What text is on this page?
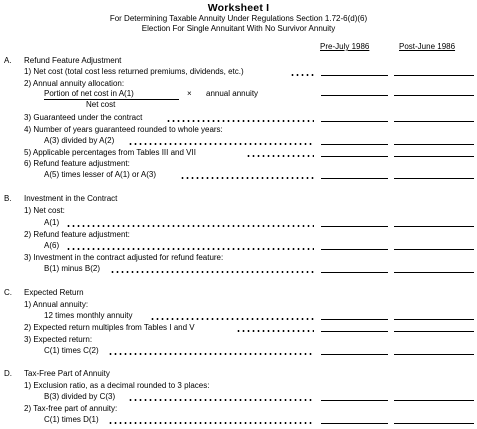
Worksheet I
For Determining Taxable Annuity Under Regulations Section 1.72-6(d)(6)
Election For Single Annuitant With No Survivor Annuity
Pre-July 1986	Post-June 1986
A. Refund Feature Adjustment
1) Net cost (total cost less returned premiums, dividends, etc.)
2) Annual annuity allocation:
Portion of net cost in A(1)	× annual annuity
Net cost
3) Guaranteed under the contract
4) Number of years guaranteed rounded to whole years:
A(3) divided by A(2)
5) Applicable percentages from Tables III and VII
6) Refund feature adjustment:
A(5) times lesser of A(1) or A(3)
B. Investment in the Contract
1) Net cost:
A(1)
2) Refund feature adjustment:
A(6)
3) Investment in the contract adjusted for refund feature:
B(1) minus B(2)
C. Expected Return
1) Annual annuity:
12 times monthly annuity
2) Expected return multiples from Tables I and V
3) Expected return:
C(1) times C(2)
D. Tax-Free Part of Annuity
1) Exclusion ratio, as a decimal rounded to 3 places:
B(3) divided by C(3)
2) Tax-free part of annuity:
C(1) times D(1)
